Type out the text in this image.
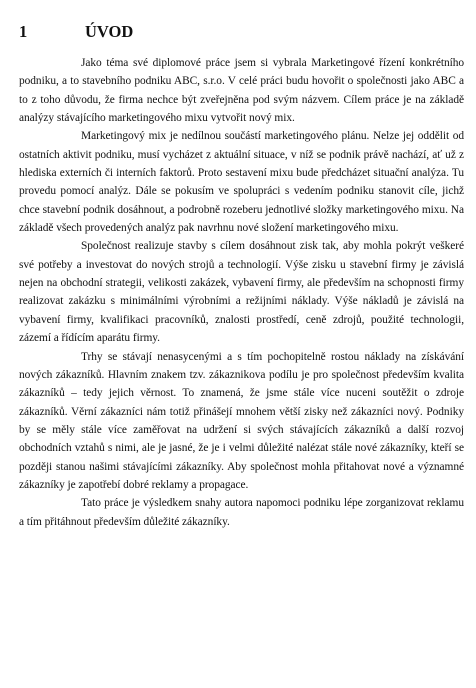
1	ÚVOD

Jako téma své diplomové práce jsem si vybrala Marketingové řízení konkrétního podniku, a to stavebního podniku ABC, s.r.o. V celé práci budu hovořit o společnosti jako ABC a to z toho důvodu, že firma nechce být zveřejněna pod svým názvem. Cílem práce je na základě analýzy stávajícího marketingového mixu vytvořit nový mix.

Marketingový mix je nedílnou součástí marketingového plánu. Nelze jej oddělit od ostatních aktivit podniku, musí vycházet z aktuální situace, v níž se podnik právě nachází, ať už z hlediska externích či interních faktorů. Proto sestavení mixu bude předcházet situační analýza. Tu provedu pomocí analýz. Dále se pokusím ve spolupráci s vedením podniku stanovit cíle, jichž chce stavební podnik dosáhnout, a podrobně rozeberu jednotlivé složky marketingového mixu. Na základě všech provedených analýz pak navrhnu nové složení marketingového mixu.

Společnost realizuje stavby s cílem dosáhnout zisk tak, aby mohla pokrýt veškeré své potřeby a investovat do nových strojů a technologií. Výše zisku u stavební firmy je závislá nejen na obchodní strategii, velikosti zakázek, vybavení firmy, ale především na schopnosti firmy realizovat zakázku s minimálními výrobními a režijními náklady. Výše nákladů je závislá na vybavení firmy, kvalifikaci pracovníků, znalosti prostředí, ceně zdrojů, použité technologii, zázemí a řídícím aparátu firmy.

Trhy se stávají nenasycenými a s tím pochopitelně rostou náklady na získávání nových zákazníků. Hlavním znakem tzv. zákaznikova podílu je pro společnost především kvalita zákazníků – tedy jejich věrnost. To znamená, že jsme stále více nuceni soutěžit o zdroje zákazníků. Věrní zákazníci nám totiž přinášejí mnohem větší zisky než zákazníci nový. Podniky by se měly stále více zaměřovat na udržení si svých stávajících zákazníků a další rozvoj obchodních vztahů s nimi, ale je jasné, že je i velmi důležité nalézat stále nové zákazníky, kteří se později stanou našimi stávajícími zákazníky. Aby společnost mohla přitahovat nové a významné zákazníky je zapotřebí dobré reklamy a propagace.

Tato práce je výsledkem snahy autora napomoci podniku lépe zorganizovat reklamu a tím přitáhnout především důležité zákazníky.
